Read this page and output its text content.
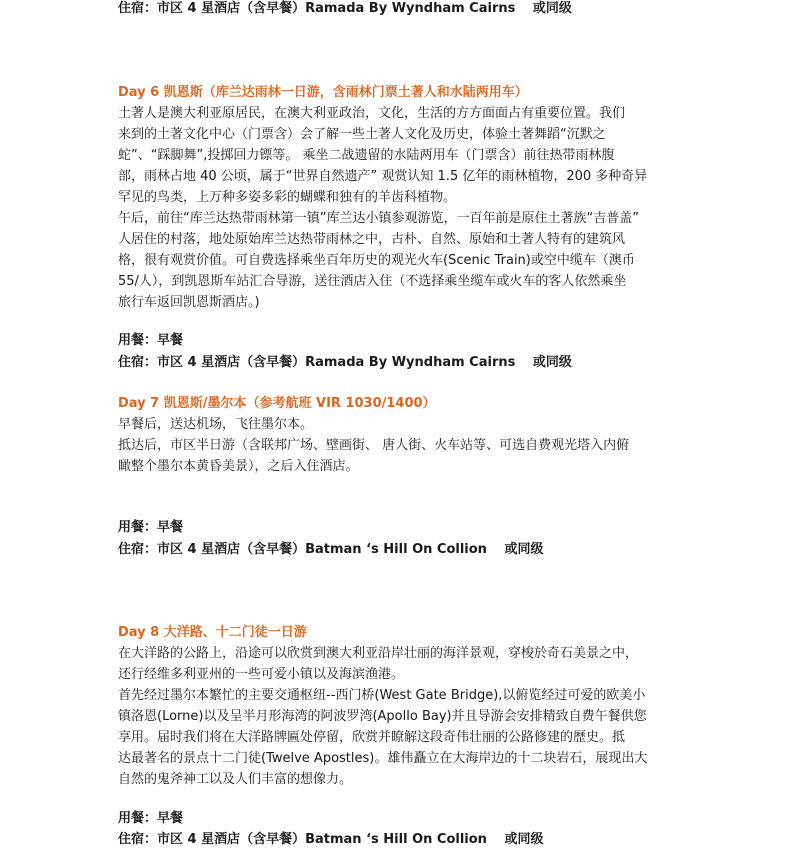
住宿：市区 4 星酒店（含早餐）Ramada By Wyndham Cairns　 或同级
Day 6 凯恩斯（库兰达雨林一日游，含雨林门票土著人和水陆两用车）
土著人是澳大利亚原居民，在澳大利亚政治，文化，生活的方方面面占有重要位置。我们
来到的土著文化中心（门票含）会了解一些土著人文化及历史，体验土著舞蹈“沉默之
蛇”、“踩脚舞”,投掷回力镖等。 乘坐二战遗留的水陆两用车（门票含）前往热带雨林腹
部，雨林占地 40 公顷，属于“世界自然遗产” 观赏认知 1.5 亿年的雨林植物，200 多种奇异
罕见的鸟类，上万种多姿多彩的蝴蝶和独有的羊齿科植物。
午后，前往“库兰达热带雨林第一镇”库兰达小镇参观游览，一百年前是原住土著族“吉普盖”
人居住的村落，地处原始库兰达热带雨林之中，古朴、自然、原始和土著人特有的建筑风
格，很有观赏价值。可自费选择乘坐百年历史的观光火车(Scenic Train)或空中缆车（澳币
55/人），到凯恩斯车站汇合导游，送往酒店入住（不选择乘坐缆车或火车的客人依然乘坐
旅行车返回凯恩斯酒店。)
用餐：早餐
住宿：市区 4 星酒店（含早餐）Ramada By Wyndham Cairns　 或同级
Day 7 凯恩斯/墨尔本（参考航班 VIR 1030/1400）
早餐后，送达机场，飞往墨尔本。
抵达后，市区半日游（含联邦广场、壁画街、 唐人街、火车站等、可选自费观光塔入内俯
瞰整个墨尔本黄昏美景），之后入住酒店。
用餐：早餐
住宿：市区 4 星酒店（含早餐）Batman ‘s Hill On Collion　 或同级
Day 8 大洋路、十二门徒一日游
在大洋路的公路上，沿途可以欣赏到澳大利亚沿岸壮丽的海洋景观，穿梭於奇石美景之中，
还行经维多利亚州的一些可爱小镇以及海滨渔港。
首先经过墨尔本繁忙的主要交通枢纽--西门桥(West Gate Bridge),以俯览经过可爱的欧美小
镇洛恩(Lorne)以及呈半月形海湾的阿波罗湾(Apollo Bay)并且导游会安排精致自费午餐供您
享用。届时我们将在大洋路牌匾处停留，欣赏并瞭解这段奇伟壮丽的公路修建的歷史。抵
达最著名的景点十二门徒(Twelve Apostles)。雄伟矗立在大海岸边的十二块岩石，展现出大
自然的鬼斧神工以及人们丰富的想像力。
用餐：早餐
住宿：市区 4 星酒店（含早餐）Batman ‘s Hill On Collion　 或同级
